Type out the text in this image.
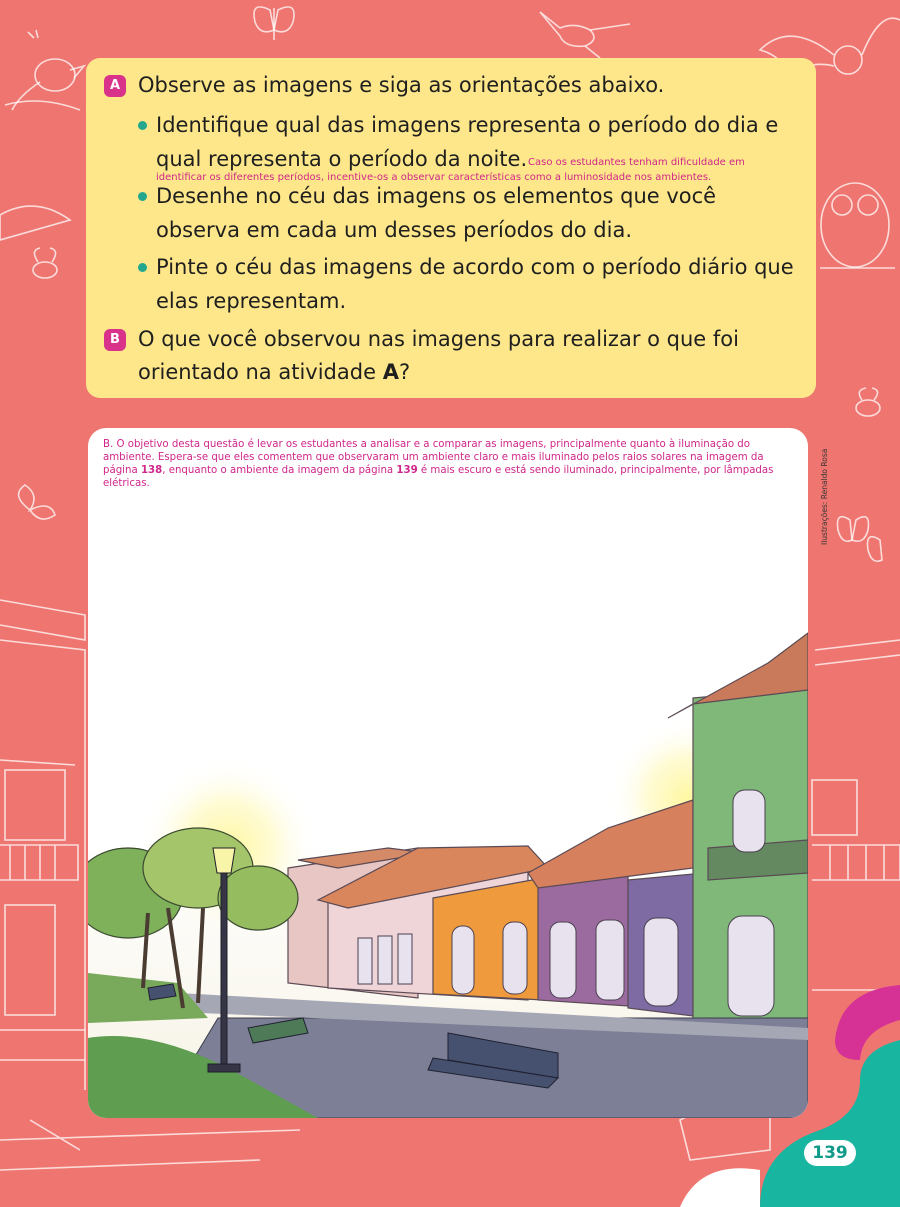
A Observe as imagens e siga as orientações abaixo.
Identifique qual das imagens representa o período do dia e
qual representa o período da noite. Caso os estudantes tenham dificuldade em
identificar os diferentes períodos, incentive-os a observar características como a luminosidade nos ambientes.
Desenhe no céu das imagens os elementos que você
observa em cada um desses períodos do dia.
Pinte o céu das imagens de acordo com o período diário que
elas representam.
B O que você observou nas imagens para realizar o que foi
orientado na atividade A?

B. O objetivo desta questão é levar os estudantes a analisar e a comparar as imagens, principalmente quanto à iluminação do ambiente. Espera-se que eles comentem que observaram um ambiente claro e mais iluminado pelos raios solares na imagem da página 138, enquanto o ambiente da imagem da página 139 é mais escuro e está sendo iluminado, principalmente, por lâmpadas elétricas.	Ilustrações: Renaldo Rosa
139
